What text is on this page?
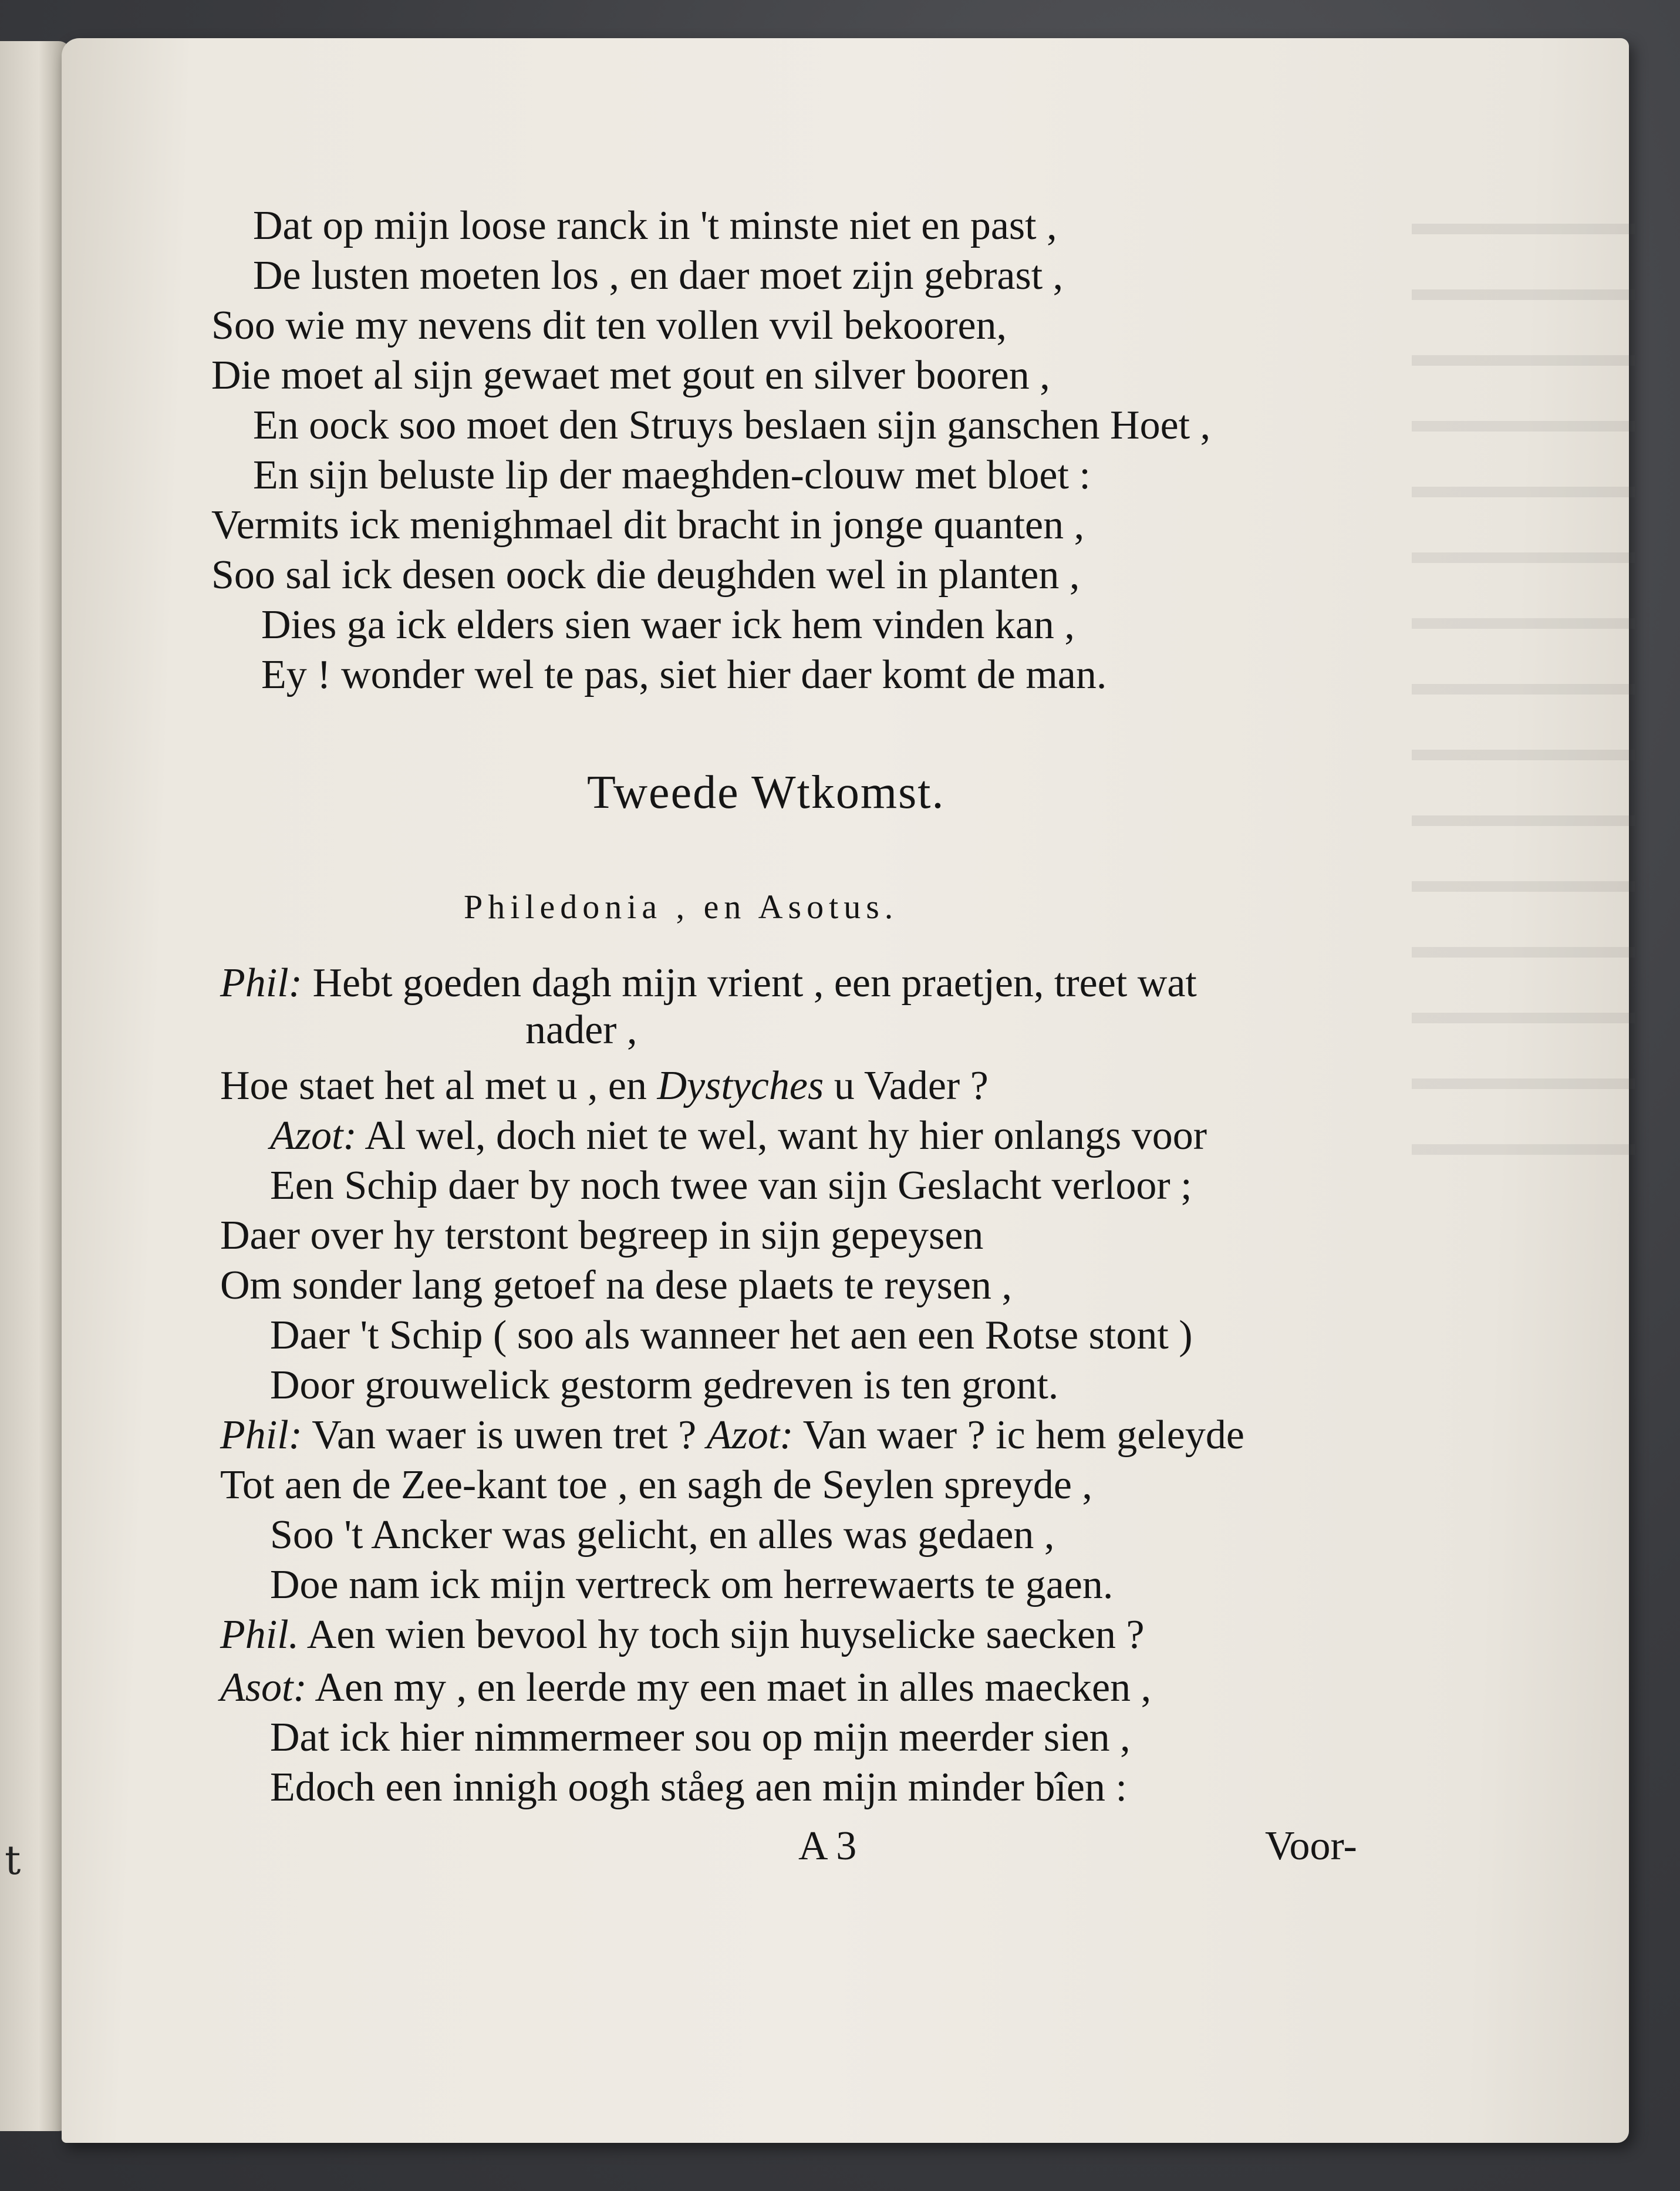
t
Dat op mijn loose ranck in 't minste niet en past ,
De lusten moeten los , en daer moet zijn gebrast ,
Soo wie my nevens dit ten vollen vvil bekooren,
Die moet al sijn gewaet met gout en silver booren ,
En oock soo moet den Struys beslaen sijn ganschen Hoet ,
En sijn beluste lip der maeghden-clouw met bloet :
Vermits ick menighmael dit bracht in jonge quanten ,
Soo sal ick desen oock die deughden wel in planten ,
Dies ga ick elders sien waer ick hem vinden kan ,
Ey ! wonder wel te pas, siet hier daer komt de man.
Tweede Wtkomst.
Philedonia , en Asotus.
Phil: Hebt goeden dagh mijn vrient , een praetjen, treet wat
nader ,
Hoe staet het al met u , en Dystyches u Vader ?
Azot: Al wel, doch niet te wel, want hy hier onlangs voor
Een Schip daer by noch twee van sijn Geslacht verloor ;
Daer over hy terstont begreep in sijn gepeysen
Om sonder lang getoef na dese plaets te reysen ,
Daer 't Schip ( soo als wanneer het aen een Rotse stont )
Door grouwelick gestorm gedreven is ten gront.
Phil: Van waer is uwen tret ? Azot: Van waer ? ic hem geleyde
Tot aen de Zee-kant toe , en sagh de Seylen spreyde ,
Soo 't Ancker was gelicht, en alles was gedaen ,
Doe nam ick mijn vertreck om herrewaerts te gaen.
Phil. Aen wien bevool hy toch sijn huyselicke saecken ?
Asot: Aen my , en leerde my een maet in alles maecken ,
Dat ick hier nimmermeer sou op mijn meerder sien ,
Edoch een innigh oogh ståeg aen mijn minder bîen :
A 3	Voor-
